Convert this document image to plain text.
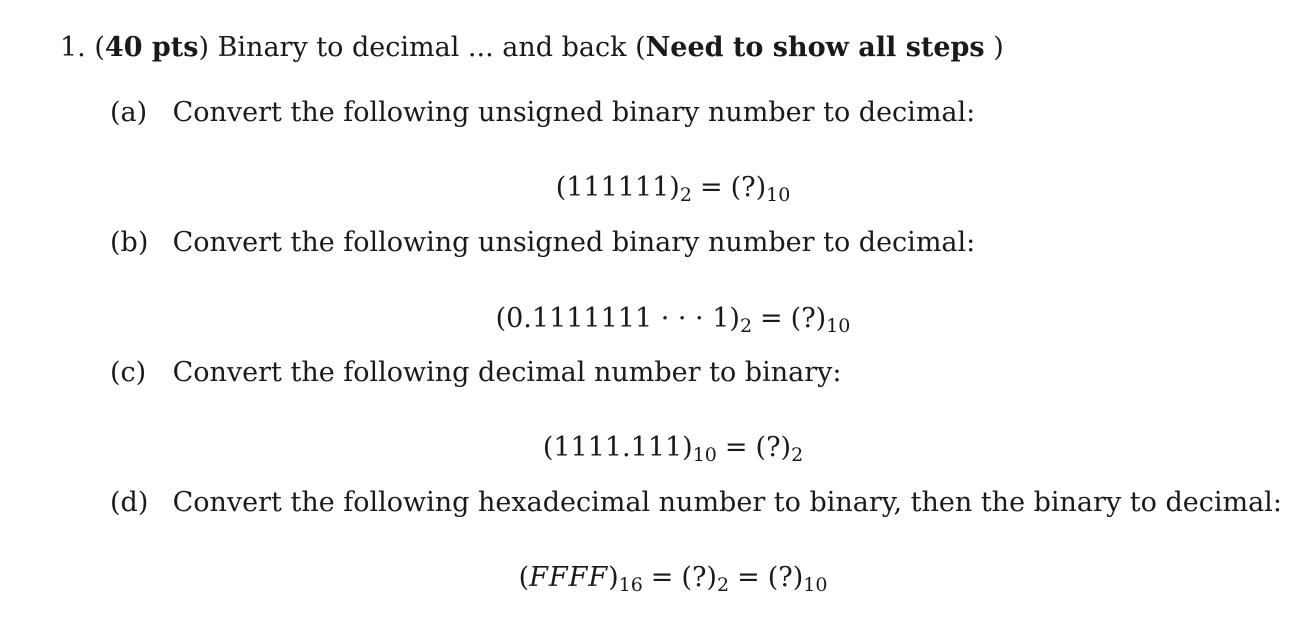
1. (40 pts) Binary to decimal ... and back (Need to show all steps )
(a) Convert the following unsigned binary number to decimal:
$(111111)_2$ = $(?)_{10}$
(b) Convert the following unsigned binary number to decimal:
(0.1111111 · · · $1)_2$ = $(?)_{10}$
(c) Convert the following decimal number to binary:
$(1111.111)_{10}$ = $(?)_2$
(d) Convert the following hexadecimal number to binary, then the binary to decimal:
$(FFFF)_{16}$ = $(?)_2$ = $(?)_{10}$
